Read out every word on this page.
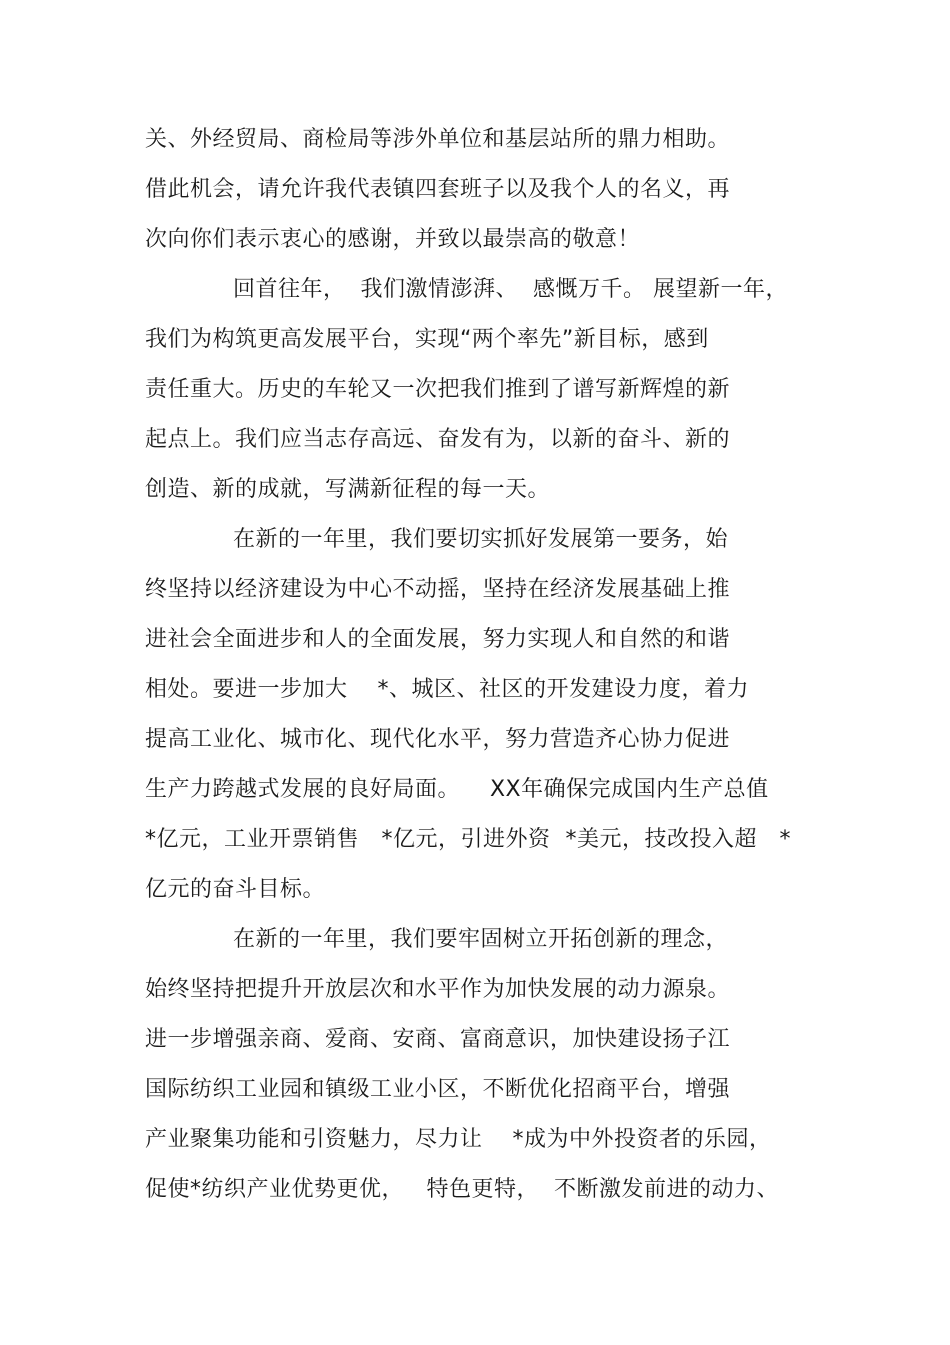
关、外经贸局、商检局等涉外单位和基层站所的鼎力相助。
借此机会，请允许我代表镇四套班子以及我个人的名义，再
次向你们表示衷心的感谢，并致以最崇高的敬意！
回首往年，  我们激情澎湃、  感慨万千。 展望新一年，
我们为构筑更高发展平台，实现“两个率先”新目标，感到
责任重大。历史的车轮又一次把我们推到了谱写新辉煌的新
起点上。我们应当志存高远、奋发有为，以新的奋斗、新的
创造、新的成就，写满新征程的每一天。
在新的一年里，我们要切实抓好发展第一要务，始
终坚持以经济建设为中心不动摇，坚持在经济发展基础上推
进社会全面进步和人的全面发展，努力实现人和自然的和谐
相处。要进一步加大    *、城区、社区的开发建设力度，着力
提高工业化、城市化、现代化水平，努力营造齐心协力促进
生产力跨越式发展的良好局面。    XX年确保完成国内生产总值
*亿元，工业开票销售   *亿元，引进外资  *美元，技改投入超   *
亿元的奋斗目标。
在新的一年里，我们要牢固树立开拓创新的理念，
始终坚持把提升开放层次和水平作为加快发展的动力源泉。
进一步增强亲商、爱商、安商、富商意识，加快建设扬子江
国际纺织工业园和镇级工业小区，不断优化招商平台，增强
产业聚集功能和引资魅力，尽力让    *成为中外投资者的乐园，
促使*纺织产业优势更优，   特色更特，  不断激发前进的动力、
